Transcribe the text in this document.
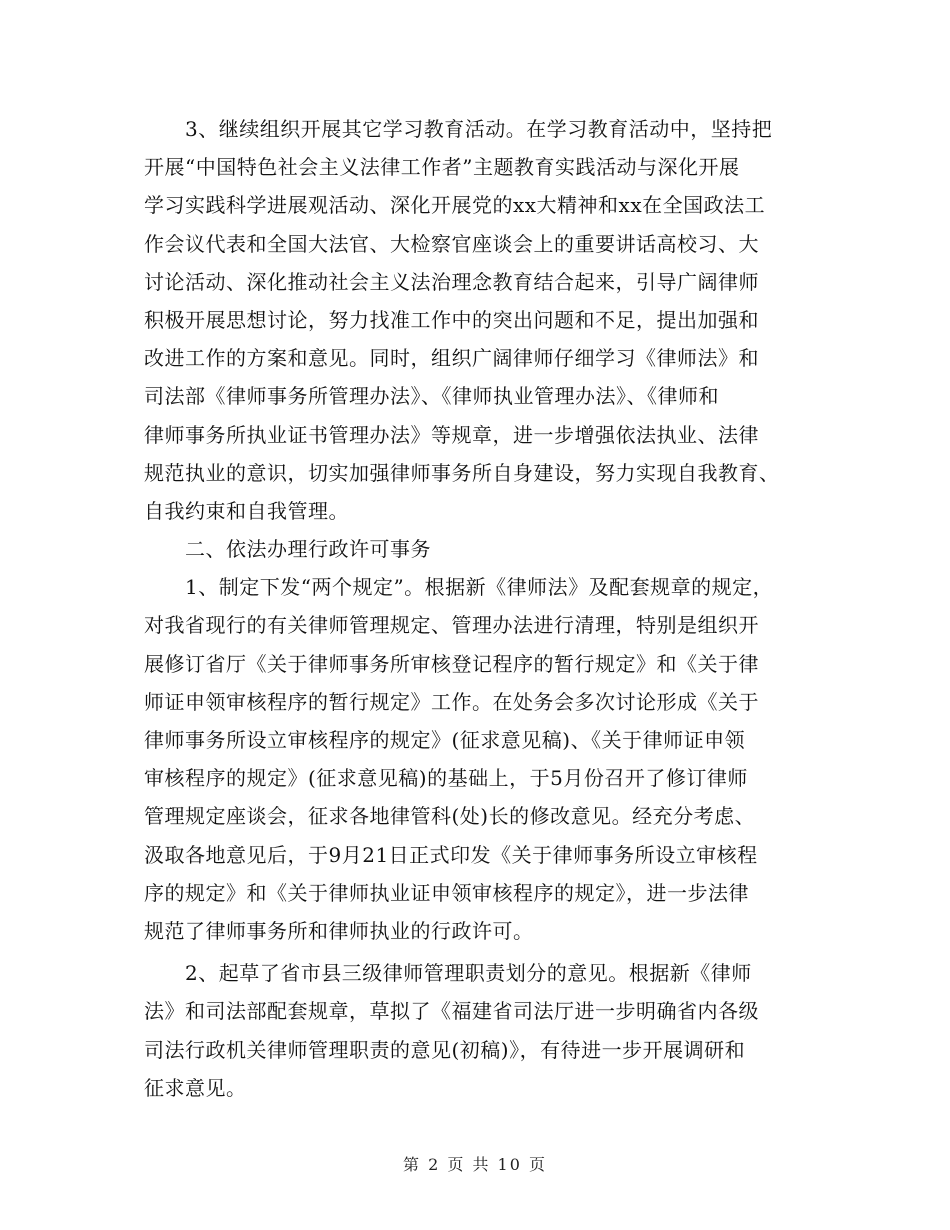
　　3、继续组织开展其它学习教育活动。在学习教育活动中，坚持把
开展“中国特色社会主义法律工作者”主题教育实践活动与深化开展
学习实践科学进展观活动、深化开展党的xx大精神和xx在全国政法工
作会议代表和全国大法官、大检察官座谈会上的重要讲话高校习、大
讨论活动、深化推动社会主义法治理念教育结合起来，引导广阔律师
积极开展思想讨论，努力找准工作中的突出问题和不足，提出加强和
改进工作的方案和意见。同时，组织广阔律师仔细学习《律师法》和
司法部《律师事务所管理办法》、《律师执业管理办法》、《律师和
律师事务所执业证书管理办法》等规章，进一步增强依法执业、法律
规范执业的意识，切实加强律师事务所自身建设，努力实现自我教育、
自我约束和自我管理。
　　二、依法办理行政许可事务
　　1、制定下发“两个规定”。根据新《律师法》及配套规章的规定，
对我省现行的有关律师管理规定、管理办法进行清理，特别是组织开
展修订省厅《关于律师事务所审核登记程序的暂行规定》和《关于律
师证申领审核程序的暂行规定》工作。在处务会多次讨论形成《关于
律师事务所设立审核程序的规定》(征求意见稿)、《关于律师证申领
审核程序的规定》(征求意见稿)的基础上，于5月份召开了修订律师
管理规定座谈会，征求各地律管科(处)长的修改意见。经充分考虑、
汲取各地意见后，于9月21日正式印发《关于律师事务所设立审核程
序的规定》和《关于律师执业证申领审核程序的规定》，进一步法律
规范了律师事务所和律师执业的行政许可。
　　2、起草了省市县三级律师管理职责划分的意见。根据新《律师
法》和司法部配套规章，草拟了《福建省司法厅进一步明确省内各级
司法行政机关律师管理职责的意见(初稿)》，有待进一步开展调研和
征求意见。
第 2 页 共 10 页
